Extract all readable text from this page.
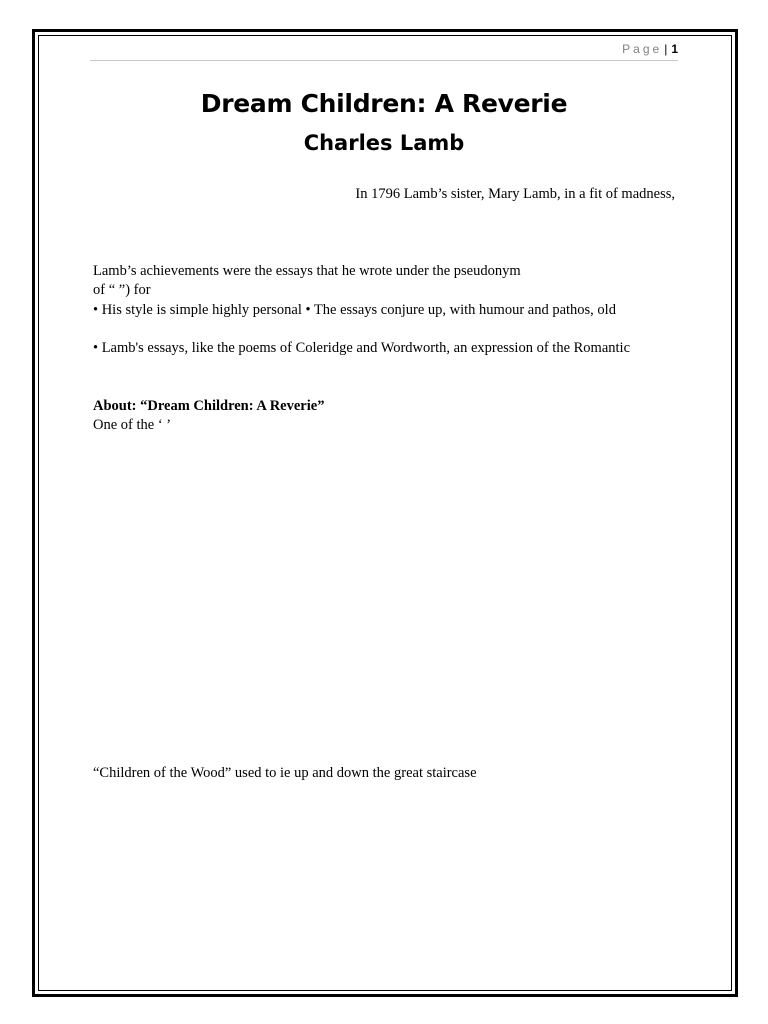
Page | 1
Dream Children: A Reverie
Charles Lamb

In 1796 Lamb’s sister, Mary Lamb, in a fit of madness,

Lamb’s achievements were the essays that he wrote under the pseudonym

of “ ”) for

• His style is simple highly personal • The essays conjure up, with humour and pathos, old

• Lamb's essays, like the poems of Coleridge and Wordworth, an expression of the Romantic

About: “Dream Children: A Reverie”

One of the ‘ ’

“Children of the Wood” used to ie up and down the great staircase
